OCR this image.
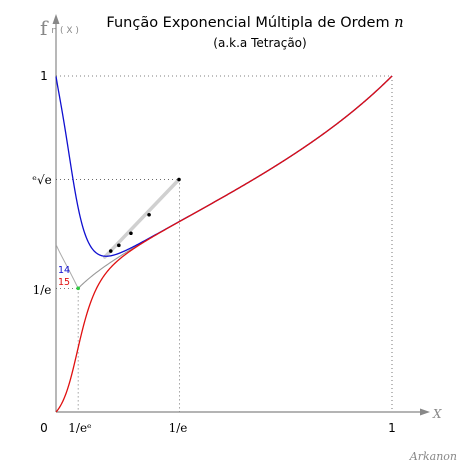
Função Exponencial Múltipla de Ordem n
(a.k.a Tetração)
f n ( X )
X
0 1/eᵉ	1/e	1
1/e
ᵉ√e
1
14
15
Arkanon
